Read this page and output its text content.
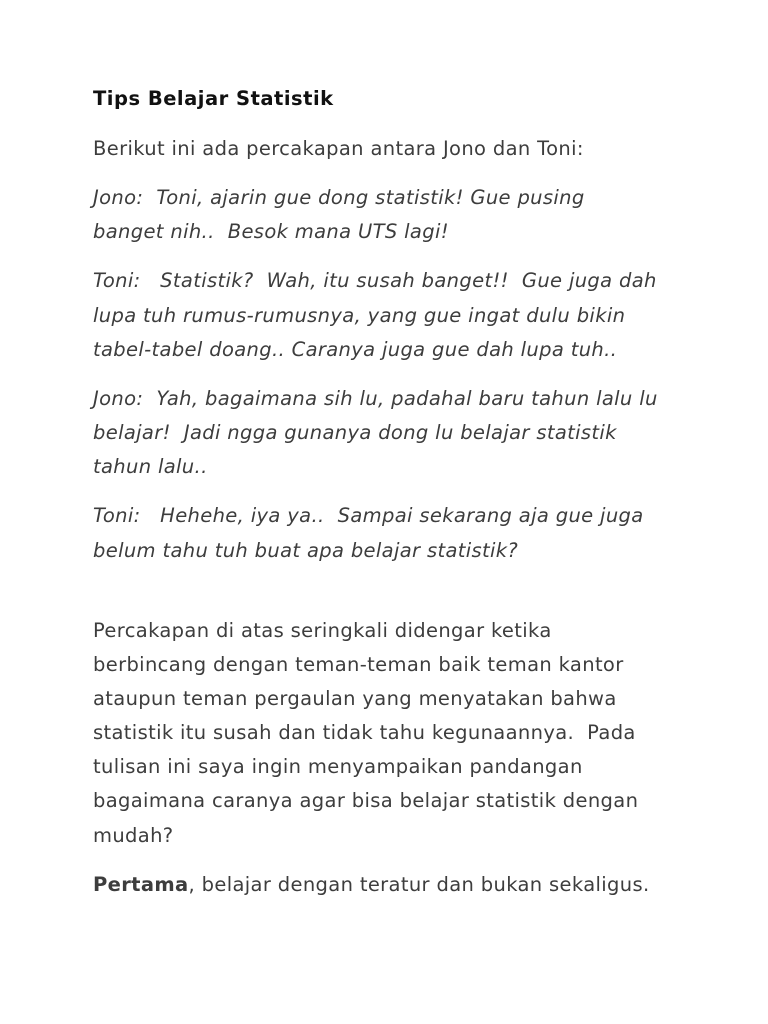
Tips Belajar Statistik

Berikut ini ada percakapan antara Jono dan Toni:

Jono:  Toni, ajarin gue dong statistik! Gue pusing

banget nih..  Besok mana UTS lagi!

Toni:   Statistik?  Wah, itu susah banget!!  Gue juga dah

lupa tuh rumus-rumusnya, yang gue ingat dulu bikin

tabel-tabel doang.. Caranya juga gue dah lupa tuh..

Jono:  Yah, bagaimana sih lu, padahal baru tahun lalu lu

belajar!  Jadi ngga gunanya dong lu belajar statistik

tahun lalu..

Toni:   Hehehe, iya ya..  Sampai sekarang aja gue juga

belum tahu tuh buat apa belajar statistik?

Percakapan di atas seringkali didengar ketika

berbincang dengan teman-teman baik teman kantor

ataupun teman pergaulan yang menyatakan bahwa

statistik itu susah dan tidak tahu kegunaannya.  Pada

tulisan ini saya ingin menyampaikan pandangan

bagaimana caranya agar bisa belajar statistik dengan

mudah?

Pertama, belajar dengan teratur dan bukan sekaligus.
